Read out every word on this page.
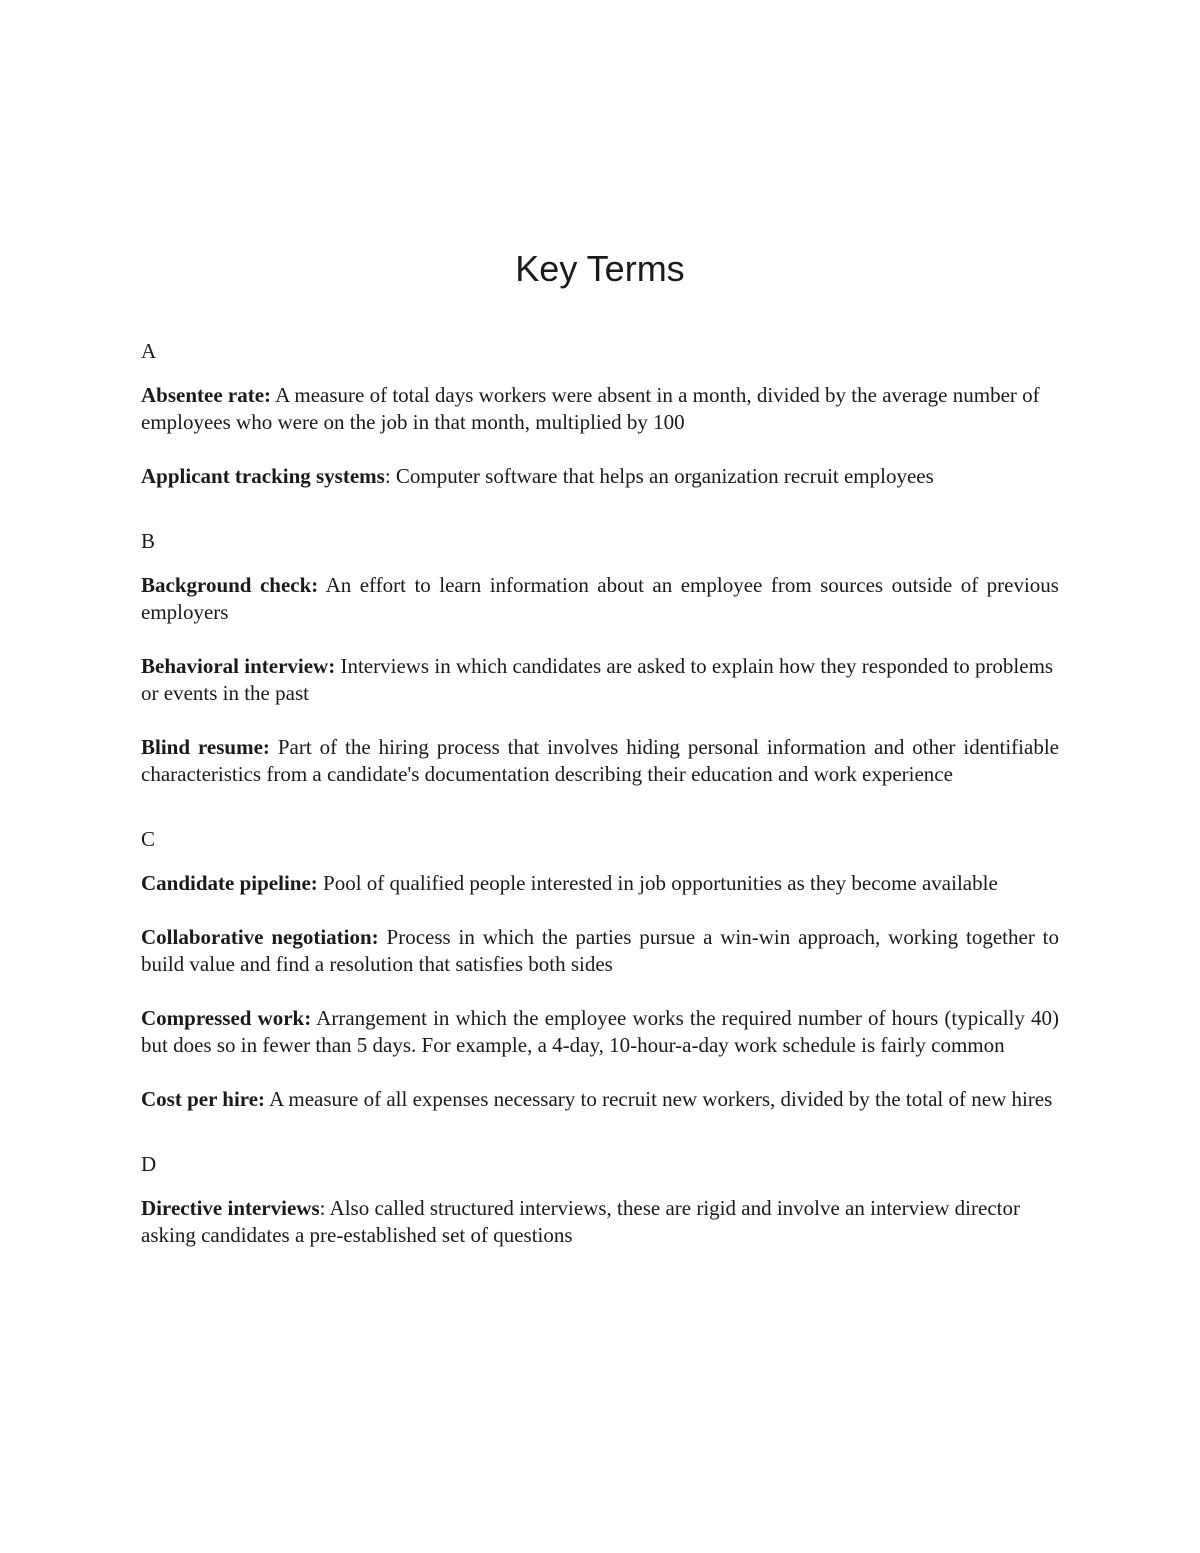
Key Terms

A

Absentee rate: A measure of total days workers were absent in a month, divided by the average number of employees who were on the job in that month, multiplied by 100

Applicant tracking systems: Computer software that helps an organization recruit employees

B

Background check: An effort to learn information about an employee from sources outside of previous employers

Behavioral interview: Interviews in which candidates are asked to explain how they responded to problems or events in the past

Blind resume: Part of the hiring process that involves hiding personal information and other identifiable characteristics from a candidate's documentation describing their education and work experience

C

Candidate pipeline: Pool of qualified people interested in job opportunities as they become available

Collaborative negotiation: Process in which the parties pursue a win-win approach, working together to build value and find a resolution that satisfies both sides

Compressed work: Arrangement in which the employee works the required number of hours (typically 40) but does so in fewer than 5 days. For example, a 4-day, 10-hour-a-day work schedule is fairly common

Cost per hire: A measure of all expenses necessary to recruit new workers, divided by the total of new hires

D

Directive interviews: Also called structured interviews, these are rigid and involve an interview director asking candidates a pre-established set of questions
